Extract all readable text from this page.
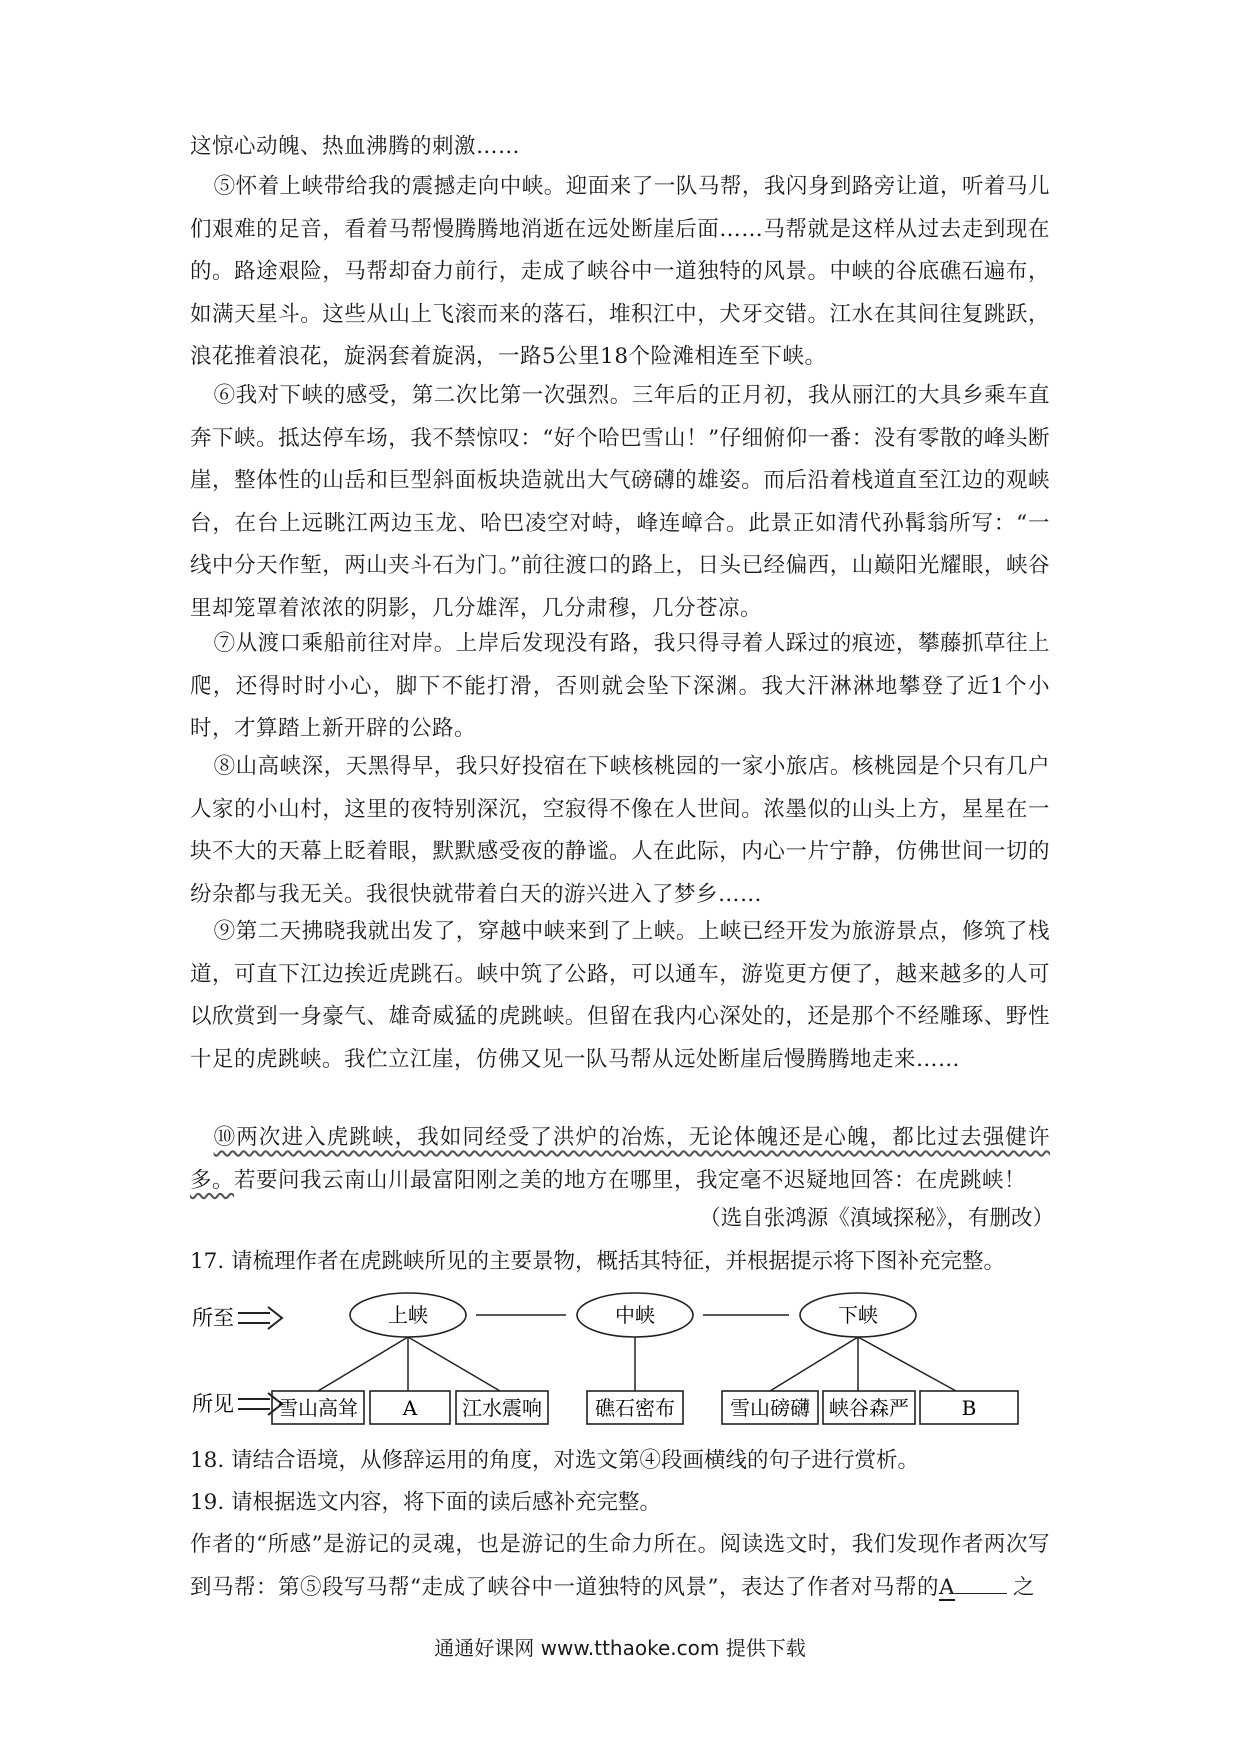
这惊心动魄、热血沸腾的刺激……
⑤怀着上峡带给我的震撼走向中峡。迎面来了一队马帮，我闪身到路旁让道，听着马儿们艰难的足音，看着马帮慢腾腾地消逝在远处断崖后面……马帮就是这样从过去走到现在的。路途艰险，马帮却奋力前行，走成了峡谷中一道独特的风景。中峡的谷底礁石遍布，如满天星斗。这些从山上飞滚而来的落石，堆积江中，犬牙交错。江水在其间往复跳跃，浪花推着浪花，旋涡套着旋涡，一路5公里18个险滩相连至下峡。
⑥我对下峡的感受，第二次比第一次强烈。三年后的正月初，我从丽江的大具乡乘车直奔下峡。抵达停车场，我不禁惊叹：“好个哈巴雪山！”仔细俯仰一番：没有零散的峰头断崖，整体性的山岳和巨型斜面板块造就出大气磅礴的雄姿。而后沿着栈道直至江边的观峡台，在台上远眺江两边玉龙、哈巴凌空对峙，峰连嶂合。此景正如清代孙髯翁所写：“一线中分天作堑，两山夹斗石为门。”前往渡口的路上，日头已经偏西，山巅阳光耀眼，峡谷里却笼罩着浓浓的阴影，几分雄浑，几分肃穆，几分苍凉。
⑦从渡口乘船前往对岸。上岸后发现没有路，我只得寻着人踩过的痕迹，攀藤抓草往上爬，还得时时小心，脚下不能打滑，否则就会坠下深渊。我大汗淋淋地攀登了近1个小时，才算踏上新开辟的公路。
⑧山高峡深，天黑得早，我只好投宿在下峡核桃园的一家小旅店。核桃园是个只有几户人家的小山村，这里的夜特别深沉，空寂得不像在人世间。浓墨似的山头上方，星星在一块不大的天幕上眨着眼，默默感受夜的静谧。人在此际，内心一片宁静，仿佛世间一切的纷杂都与我无关。我很快就带着白天的游兴进入了梦乡……
⑨第二天拂晓我就出发了，穿越中峡来到了上峡。上峡已经开发为旅游景点，修筑了栈道，可直下江边挨近虎跳石。峡中筑了公路，可以通车，游览更方便了，越来越多的人可以欣赏到一身豪气、雄奇威猛的虎跳峡。但留在我内心深处的，还是那个不经雕琢、野性十足的虎跳峡。我伫立江崖，仿佛又见一队马帮从远处断崖后慢腾腾地走来……
⑩两次进入虎跳峡，我如同经受了洪炉的冶炼，无论体魄还是心魄，都比过去强健许多。若要问我云南山川最富阳刚之美的地方在哪里，我定毫不迟疑地回答：在虎跳峡！
（选自张鸿源《滇域探秘》，有删改）
17. 请梳理作者在虎跳峡所见的主要景物，概括其特征，并根据提示将下图补充完整。
所至
所见
上峡	中峡	下峡
雪山高耸 A 江水震响	礁石密布	雪山磅礴 峡谷森严	B
18. 请结合语境，从修辞运用的角度，对选文第④段画横线的句子进行赏析。
19. 请根据选文内容，将下面的读后感补充完整。
作者的“所感”是游记的灵魂，也是游记的生命力所在。阅读选文时，我们发现作者两次写到马帮：第⑤段写马帮“走成了峡谷中一道独特的风景”，表达了作者对马帮的A	之
通通好课网 www.tthaoke.com 提供下载
